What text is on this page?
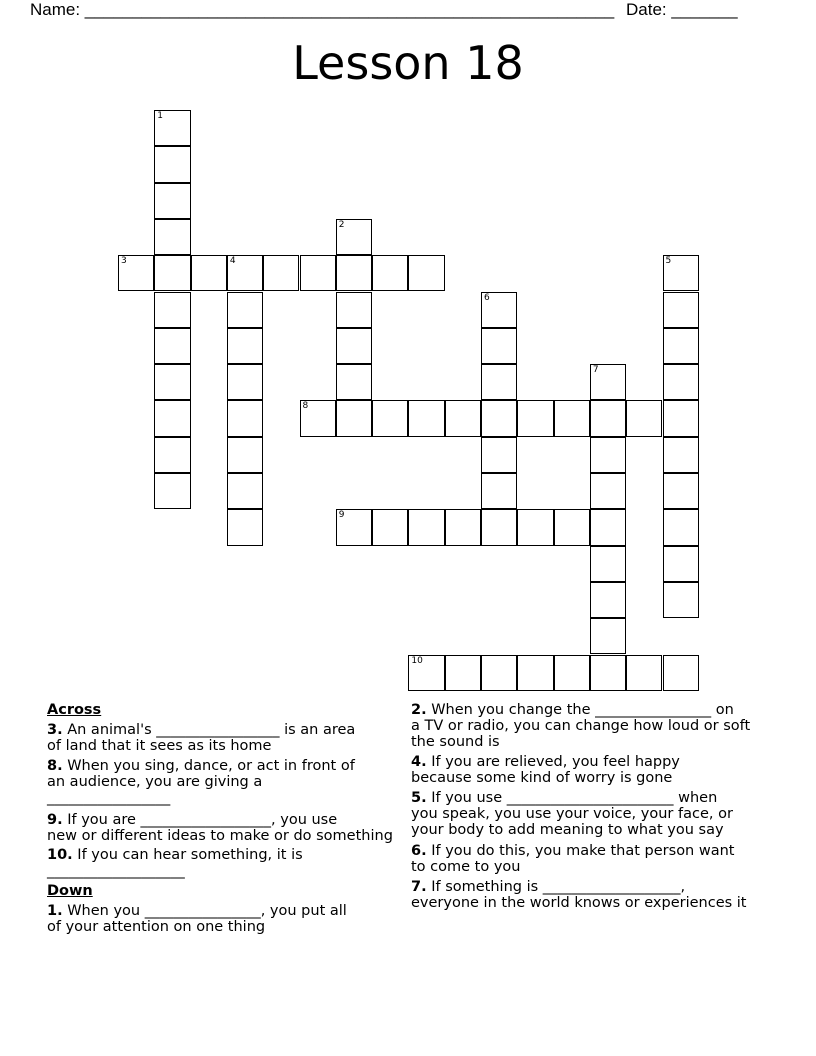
Name: ________________________________________________________ Date: _______
Lesson 18
1
2
3	4	5
6
7
8
9
10
Across
3. An animal's _________________ is an area
of land that it sees as its home
8. When you sing, dance, or act in front of
an audience, you are giving a
_________________
9. If you are __________________, you use
new or different ideas to make or do something
10. If you can hear something, it is
___________________
Down
1. When you ________________, you put all
of your attention on one thing
2. When you change the ________________ on
a TV or radio, you can change how loud or soft
the sound is
4. If you are relieved, you feel happy
because some kind of worry is gone
5. If you use _______________________ when
you speak, you use your voice, your face, or
your body to add meaning to what you say
6. If you do this, you make that person want
to come to you
7. If something is ___________________,
everyone in the world knows or experiences it
